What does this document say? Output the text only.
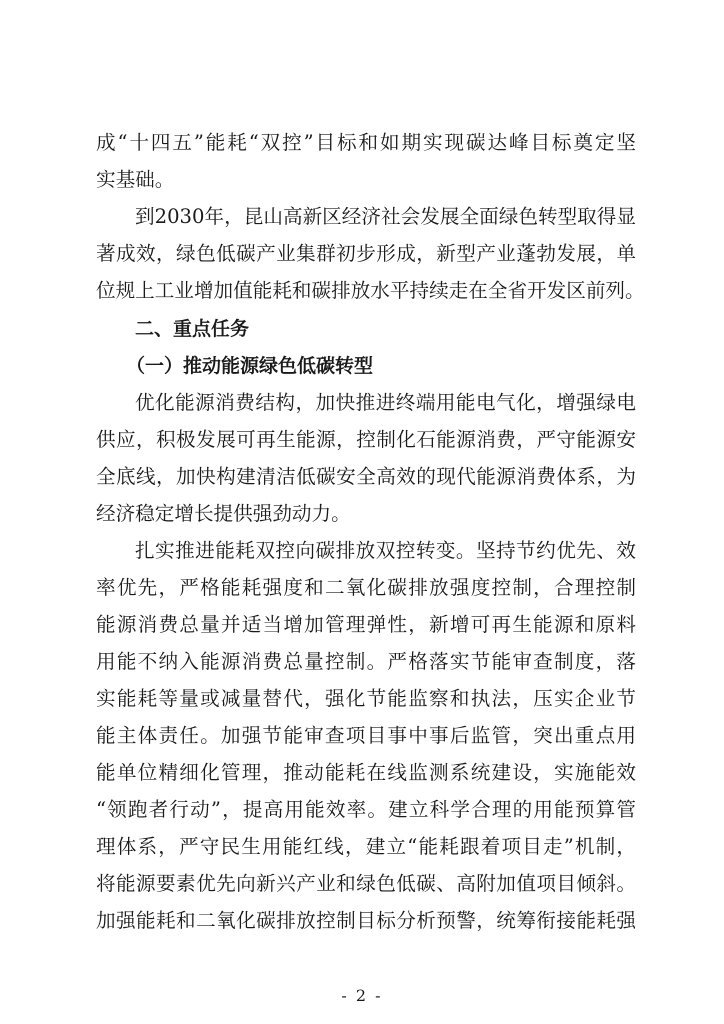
成“十四五”能耗“双控”目标和如期实现碳达峰目标奠定坚
实基础。
到2030年，昆山高新区经济社会发展全面绿色转型取得显
著成效，绿色低碳产业集群初步形成，新型产业蓬勃发展，单
位规上工业增加值能耗和碳排放水平持续走在全省开发区前列。
二、重点任务
（一）推动能源绿色低碳转型
优化能源消费结构，加快推进终端用能电气化，增强绿电
供应，积极发展可再生能源，控制化石能源消费，严守能源安
全底线，加快构建清洁低碳安全高效的现代能源消费体系，为
经济稳定增长提供强劲动力。
扎实推进能耗双控向碳排放双控转变。坚持节约优先、效
率优先，严格能耗强度和二氧化碳排放强度控制，合理控制
能源消费总量并适当增加管理弹性，新增可再生能源和原料
用能不纳入能源消费总量控制。严格落实节能审查制度，落
实能耗等量或减量替代，强化节能监察和执法，压实企业节
能主体责任。加强节能审查项目事中事后监管，突出重点用
能单位精细化管理，推动能耗在线监测系统建设，实施能效
“领跑者行动”，提高用能效率。建立科学合理的用能预算管
理体系，严守民生用能红线，建立“能耗跟着项目走”机制，
将能源要素优先向新兴产业和绿色低碳、高附加值项目倾斜。
加强能耗和二氧化碳排放控制目标分析预警，统筹衔接能耗强
- 2 -
